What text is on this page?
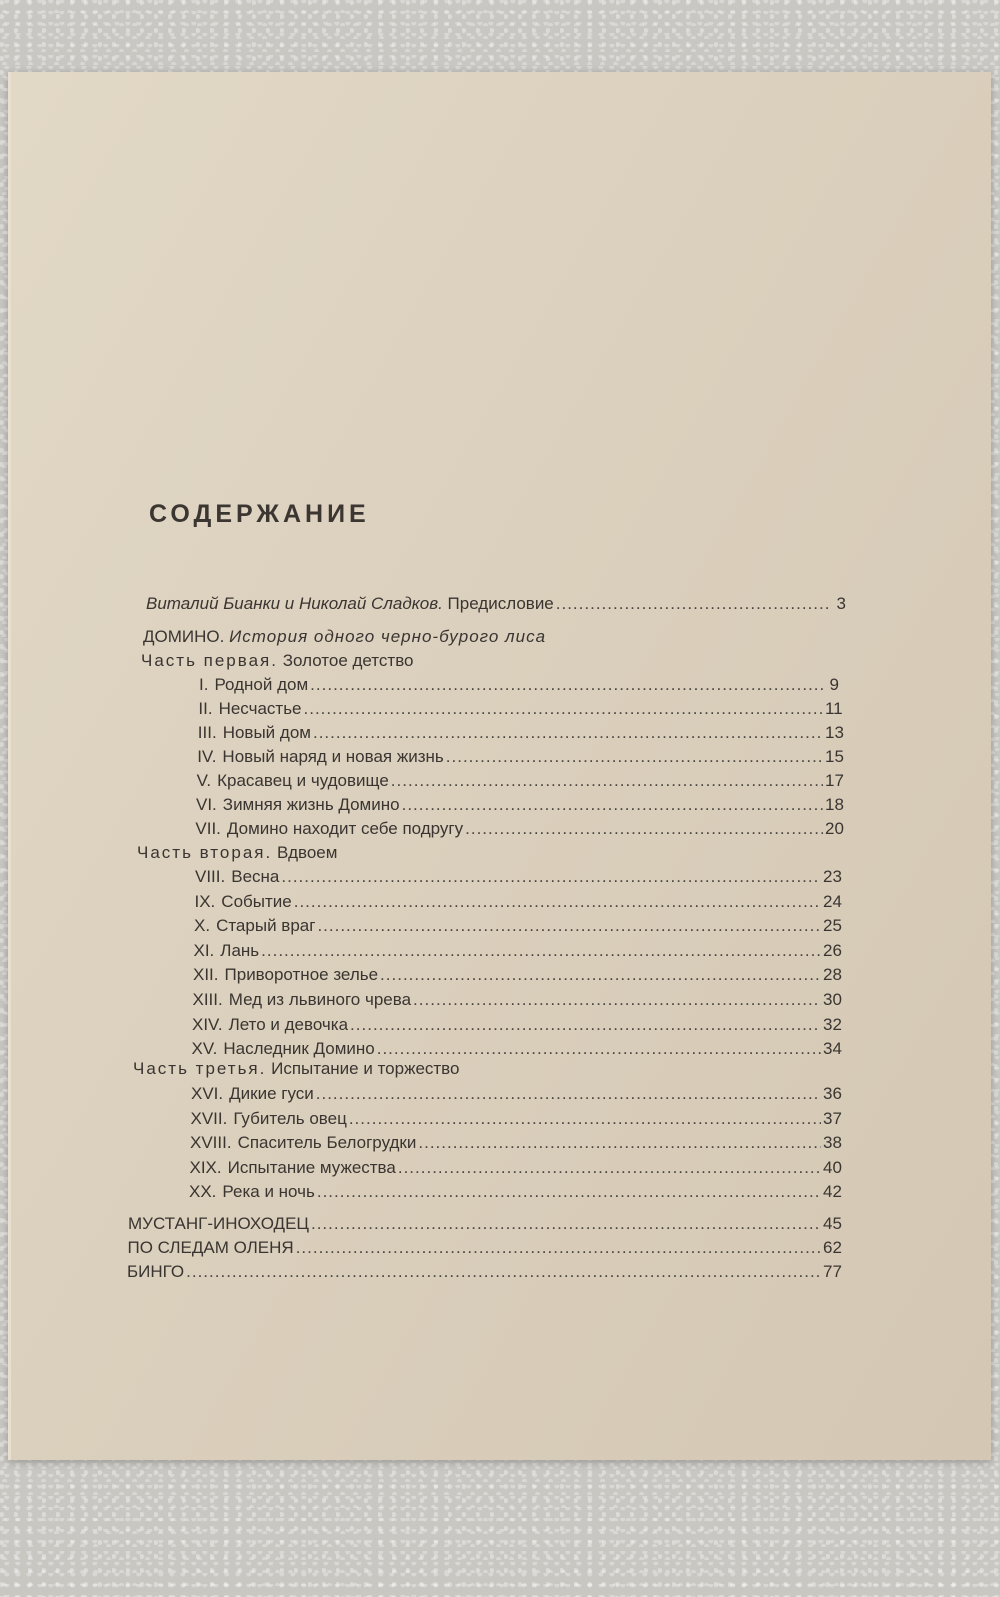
СОДЕРЖАНИЕ
Виталий Бианки и Николай Сладков.
Предисловие .....	3
ДОМИНО. История одного черно-бурого лиса
Часть первая. Золотое детство
I. Родной дом .....	9
II. Несчастье .....	11
III. Новый дом .....	13
IV. Новый наряд и новая жизнь .....	15
V. Красавец и чудовище .....	17
VI. Зимняя жизнь Домино .....	18
VII. Домино находит себе подругу .....	20
Часть вторая. Вдвоем
VIII. Весна .....	23
IX. Событие .....	24
X. Старый враг .....	25
XI. Лань .....	26
XII. Приворотное зелье .....	28
XIII. Мед из львиного чрева .....	30
XIV. Лето и девочка .....	32
XV. Наследник Домино .....	34
Часть третья. Испытание и торжество
XVI. Дикие гуси .....	36
XVII. Губитель овец .....	37
XVIII. Спаситель Белогрудки .....	38
XIX. Испытание мужества .....	40
XX. Река и ночь .....	42
МУСТАНГ-ИНОХОДЕЦ .....	45
ПО СЛЕДАМ ОЛЕНЯ .....	62
БИНГО .....	77
